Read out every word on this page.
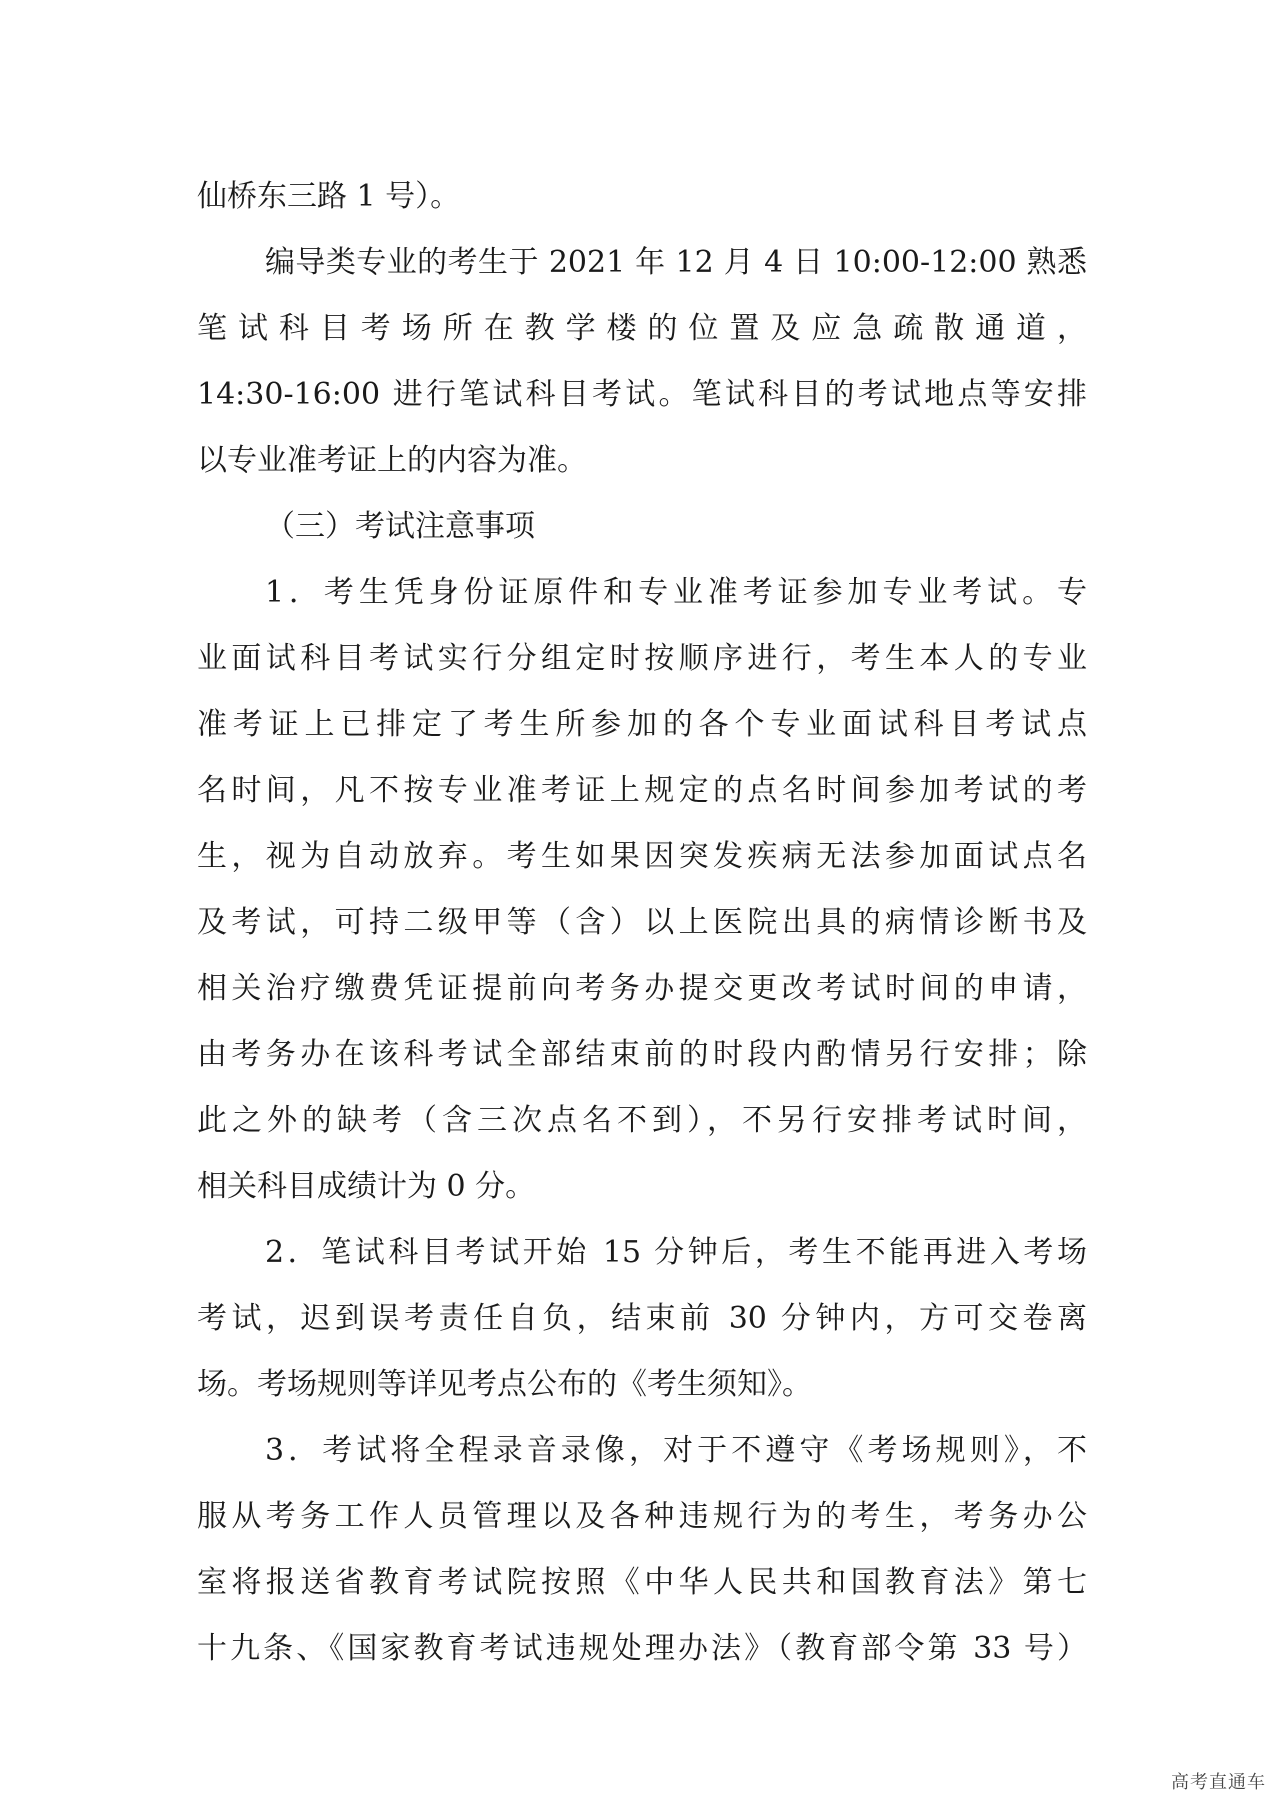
仙桥东三路 1 号）。
编导类专业的考生于 2021 年 12 月 4 日 10:00-12:00 熟悉
笔试科目考场所在教学楼的位置及应急疏散通道，
14:30-16:00 进行笔试科目考试。笔试科目的考试地点等安排
以专业准考证上的内容为准。
（三）考试注意事项
1．考生凭身份证原件和专业准考证参加专业考试。专
业面试科目考试实行分组定时按顺序进行，考生本人的专业
准考证上已排定了考生所参加的各个专业面试科目考试点
名时间，凡不按专业准考证上规定的点名时间参加考试的考
生，视为自动放弃。考生如果因突发疾病无法参加面试点名
及考试，可持二级甲等（含）以上医院出具的病情诊断书及
相关治疗缴费凭证提前向考务办提交更改考试时间的申请，
由考务办在该科考试全部结束前的时段内酌情另行安排；除
此之外的缺考（含三次点名不到），不另行安排考试时间，
相关科目成绩计为 0 分。
2．笔试科目考试开始 15 分钟后，考生不能再进入考场
考试，迟到误考责任自负，结束前 30 分钟内，方可交卷离
场。考场规则等详见考点公布的《考生须知》。
3．考试将全程录音录像，对于不遵守《考场规则》，不
服从考务工作人员管理以及各种违规行为的考生，考务办公
室将报送省教育考试院按照《中华人民共和国教育法》第七
十九条、《国家教育考试违规处理办法》（教育部令第 33 号）
高考直通车
